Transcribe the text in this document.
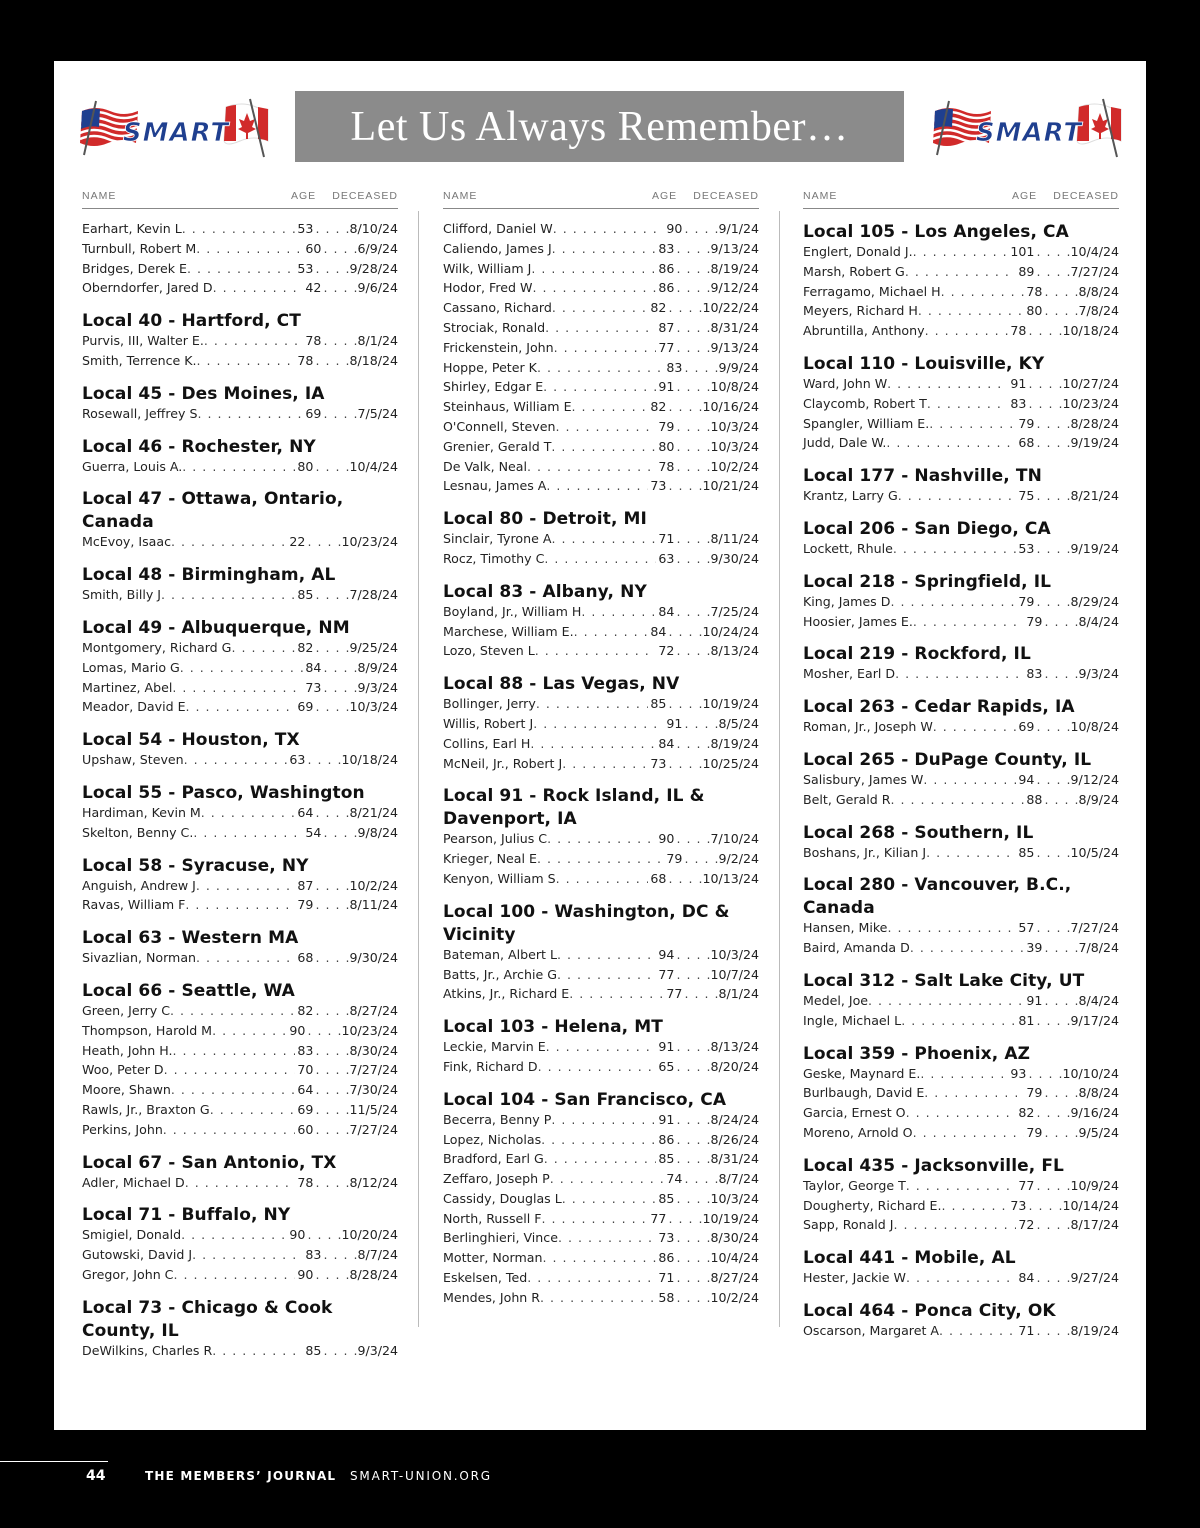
SMART	Let Us Always Remember…	SMART
NAME	AGE DECEASED
Earhart, Kevin L . . .	53 . . .	8/10/24
Turnbull, Robert M . . .	60 . . .	6/9/24
Bridges, Derek E . . .	53 . . .	9/28/24
Oberndorfer, Jared D . . .	42 . . .	9/6/24
Local 40 - Hartford, CT
Purvis, III, Walter E. . . .	78 . . .	8/1/24
Smith, Terrence K. . . .	78 . . .	8/18/24
Local 45 - Des Moines, IA
Rosewall, Jeffrey S . . .	69 . . .	7/5/24
Local 46 - Rochester, NY
Guerra, Louis A. . . .	80 . . .	10/4/24
Local 47 - Ottawa, Ontario, Canada
McEvoy, Isaac . . .	22 . . .	10/23/24
Local 48 - Birmingham, AL
Smith, Billy J . . .	85 . . .	7/28/24
Local 49 - Albuquerque, NM
Montgomery, Richard G . . .	82 . . .	9/25/24
Lomas, Mario G . . .	84 . . .	8/9/24
Martinez, Abel . . .	73 . . .	9/3/24
Meador, David E . . .	69 . . .	10/3/24
Local 54 - Houston, TX
Upshaw, Steven . . .	63 . . .	10/18/24
Local 55 - Pasco, Washington
Hardiman, Kevin M . . .	64 . . .	8/21/24
Skelton, Benny C. . . .	54 . . .	9/8/24
Local 58 - Syracuse, NY
Anguish, Andrew J . . .	87 . . .	10/2/24
Ravas, William F . . .	79 . . .	8/11/24
Local 63 - Western MA
Sivazlian, Norman . . .	68 . . .	9/30/24
Local 66 - Seattle, WA
Green, Jerry C . . .	82 . . .	8/27/24
Thompson, Harold M . . .	90 . . .	10/23/24
Heath, John H. . . .	83 . . .	8/30/24
Woo, Peter D . . .	70 . . .	7/27/24
Moore, Shawn . . .	64 . . .	7/30/24
Rawls, Jr., Braxton G . . .	69 . . .	11/5/24
Perkins, John . . .	60 . . .	7/27/24
Local 67 - San Antonio, TX
Adler, Michael D . . .	78 . . .	8/12/24
Local 71 - Buffalo, NY
Smigiel, Donald . . .	90 . . .	10/20/24
Gutowski, David J . . .	83 . . .	8/7/24
Gregor, John C . . .	90 . . .	8/28/24
Local 73 - Chicago & Cook County, IL
DeWilkins, Charles R . . .	85 . . .	9/3/24
NAME	AGE DECEASED
Clifford, Daniel W . . .	90 . . .	9/1/24
Caliendo, James J . . .	83 . . .	9/13/24
Wilk, William J . . .	86 . . .	8/19/24
Hodor, Fred W . . .	86 . . .	9/12/24
Cassano, Richard . . .	82 . . .	10/22/24
Strociak, Ronald . . .	87 . . .	8/31/24
Frickenstein, John . . .	77 . . .	9/13/24
Hoppe, Peter K . . .	83 . . .	9/9/24
Shirley, Edgar E . . .	91 . . .	10/8/24
Steinhaus, William E . . .	82 . . .	10/16/24
O'Connell, Steven . . .	79 . . .	10/3/24
Grenier, Gerald T . . .	80 . . .	10/3/24
De Valk, Neal . . .	78 . . .	10/2/24
Lesnau, James A . . .	73 . . .	10/21/24
Local 80 - Detroit, MI
Sinclair, Tyrone A . . .	71 . . .	8/11/24
Rocz, Timothy C . . .	63 . . .	9/30/24
Local 83 - Albany, NY
Boyland, Jr., William H . . .	84 . . .	7/25/24
Marchese, William E. . . .	84 . . .	10/24/24
Lozo, Steven L . . .	72 . . .	8/13/24
Local 88 - Las Vegas, NV
Bollinger, Jerry . . .	85 . . .	10/19/24
Willis, Robert J . . .	91 . . .	8/5/24
Collins, Earl H . . .	84 . . .	8/19/24
McNeil, Jr., Robert J . . .	73 . . .	10/25/24
Local 91 - Rock Island, IL & Davenport, IA
Pearson, Julius C . . .	90 . . .	7/10/24
Krieger, Neal E . . .	79 . . .	9/2/24
Kenyon, William S . . .	68 . . .	10/13/24
Local 100 - Washington, DC & Vicinity
Bateman, Albert L . . .	94 . . .	10/3/24
Batts, Jr., Archie G . . .	77 . . .	10/7/24
Atkins, Jr., Richard E . . .	77 . . .	8/1/24
Local 103 - Helena, MT
Leckie, Marvin E . . .	91 . . .	8/13/24
Fink, Richard D . . .	65 . . .	8/20/24
Local 104 - San Francisco, CA
Becerra, Benny P . . .	91 . . .	8/24/24
Lopez, Nicholas . . .	86 . . .	8/26/24
Bradford, Earl G . . .	85 . . .	8/31/24
Zeffaro, Joseph P . . .	74 . . .	8/7/24
Cassidy, Douglas L . . .	85 . . .	10/3/24
North, Russell F . . .	77 . . .	10/19/24
Berlinghieri, Vince . . .	73 . . .	8/30/24
Motter, Norman . . .	86 . . .	10/4/24
Eskelsen, Ted . . .	71 . . .	8/27/24
Mendes, John R . . .	58 . . .	10/2/24
NAME	AGE DECEASED
Local 105 - Los Angeles, CA
Englert, Donald J. . . .	101 . . .	10/4/24
Marsh, Robert G . . .	89 . . .	7/27/24
Ferragamo, Michael H . . .	78 . . .	8/8/24
Meyers, Richard H . . .	80 . . .	7/8/24
Abruntilla, Anthony . . .	78 . . .	10/18/24
Local 110 - Louisville, KY
Ward, John W . . .	91 . . .	10/27/24
Claycomb, Robert T . . .	83 . . .	10/23/24
Spangler, William E. . . .	79 . . .	8/28/24
Judd, Dale W. . . .	68 . . .	9/19/24
Local 177 - Nashville, TN
Krantz, Larry G . . .	75 . . .	8/21/24
Local 206 - San Diego, CA
Lockett, Rhule . . .	53 . . .	9/19/24
Local 218 - Springfield, IL
King, James D . . .	79 . . .	8/29/24
Hoosier, James E. . . .	79 . . .	8/4/24
Local 219 - Rockford, IL
Mosher, Earl D . . .	83 . . .	9/3/24
Local 263 - Cedar Rapids, IA
Roman, Jr., Joseph W . . .	69 . . .	10/8/24
Local 265 - DuPage County, IL
Salisbury, James W . . .	94 . . .	9/12/24
Belt, Gerald R . . .	88 . . .	8/9/24
Local 268 - Southern, IL
Boshans, Jr., Kilian J . . .	85 . . .	10/5/24
Local 280 - Vancouver, B.C., Canada
Hansen, Mike . . .	57 . . .	7/27/24
Baird, Amanda D . . .	39 . . .	7/8/24
Local 312 - Salt Lake City, UT
Medel, Joe . . .	91 . . .	8/4/24
Ingle, Michael L . . .	81 . . .	9/17/24
Local 359 - Phoenix, AZ
Geske, Maynard E. . . .	93 . . .	10/10/24
Burlbaugh, David E . . .	79 . . .	8/8/24
Garcia, Ernest O . . .	82 . . .	9/16/24
Moreno, Arnold O . . .	79 . . .	9/5/24
Local 435 - Jacksonville, FL
Taylor, George T . . .	77 . . .	10/9/24
Dougherty, Richard E. . . .	73 . . .	10/14/24
Sapp, Ronald J . . .	72 . . .	8/17/24
Local 441 - Mobile, AL
Hester, Jackie W . . .	84 . . .	9/27/24
Local 464 - Ponca City, OK
Oscarson, Margaret A . . .	71 . . .	8/19/24
44	THE MEMBERS’ JOURNAL SMART-UNION.ORG
